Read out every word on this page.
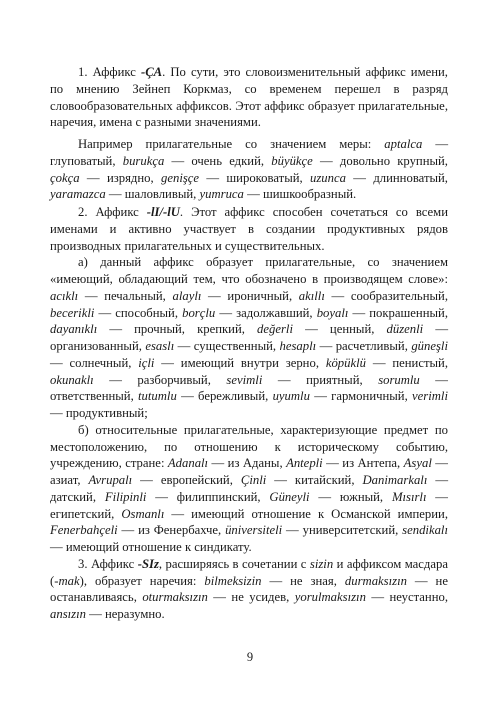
1. Аффикс -ÇA. По сути, это словоизменительный аффикс имени, по мнению Зейнеп Коркмаз, со временем перешел в разряд словообразовательных аффиксов. Этот аффикс образует прилагательные, наречия, имена с разными значениями.

Например прилагательные со значением меры: aptalca — глуповатый, burukça — очень едкий, büyükçe — довольно крупный, çokça — изрядно, genişçe — широковатый, uzunca — длинноватый, yaramazca — шаловливый, yumruca — шишкообразный.

2. Аффикс -lI/-lU. Этот аффикс способен сочетаться со всеми именами и активно участвует в создании продуктивных рядов производных прилагательных и существительных.

а) данный аффикс образует прилагательные, со значением «имеющий, обладающий тем, что обозначено в производящем слове»: acıklı — печальный, alaylı — ироничный, akıllı — сообразительный, becerikli — способный, borçlu — задолжавший, boyalı — покрашенный, dayanıklı — прочный, крепкий, değerli — ценный, düzenli — организованный, esaslı — существенный, hesaplı — расчетливый, güneşli — солнечный, içli — имеющий внутри зерно, köpüklü — пенистый, okunaklı — разборчивый, sevimli — приятный, sorumlu — ответственный, tutumlu — бережливый, uyumlu — гармоничный, verimli — продуктивный;

б) относительные прилагательные, характеризующие предмет по местоположению, по отношению к историческому событию, учреждению, стране: Adanalı — из Аданы, Antepli — из Антепа, Asyal — азиат, Avrupalı — европейский, Çinli — китайский, Danimarkalı — датский, Filipinli — филиппинский, Güneyli — южный, Mısırlı — египетский, Osmanlı — имеющий отношение к Османской империи, Fenerbahçeli — из Фенербахче, üniversiteli — университетский, sendikalı — имеющий отношение к синдикату.

3. Аффикс -SIz, расширяясь в сочетании с sizin и аффиксом масдара (-mak), образует наречия: bilmeksizin — не зная, durmaksızın — не останавливаясь, oturmaksızın — не усидев, yorulmaksızın — неустанно, ansızın — неразумно.

9
